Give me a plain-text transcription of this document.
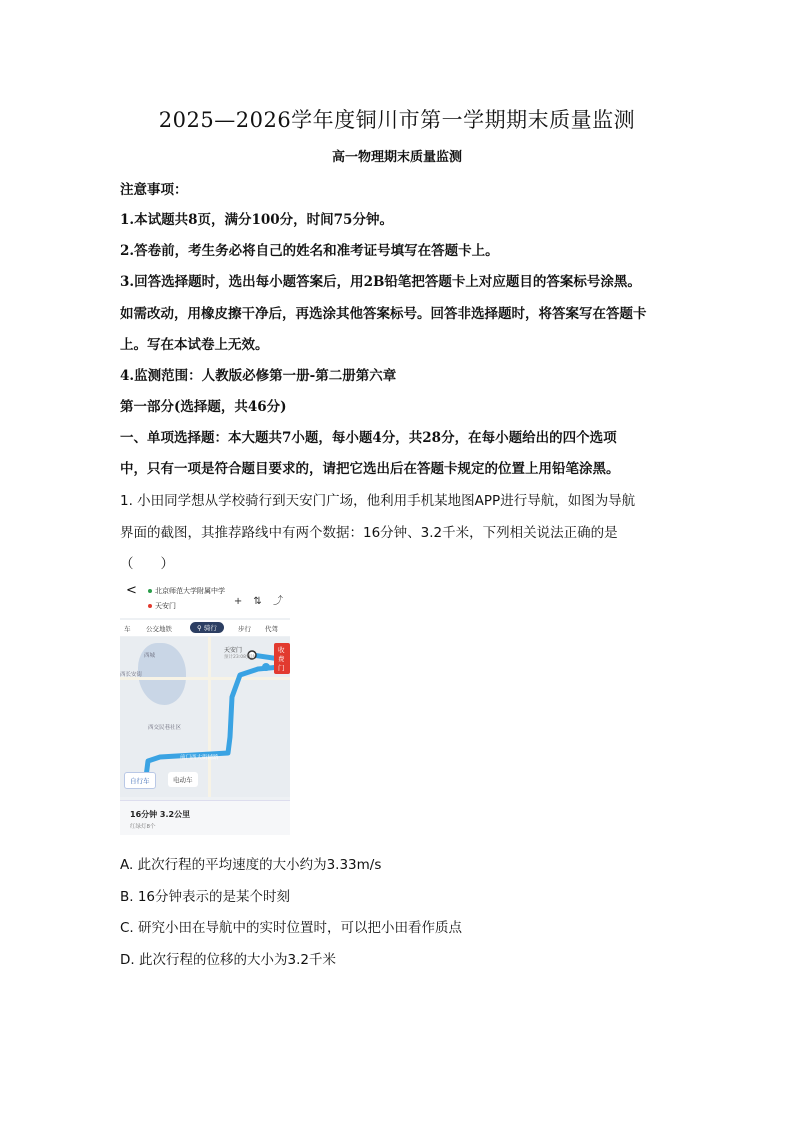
2025—2026学年度铜川市第一学期期末质量监测
高一物理期末质量监测
注意事项：
1.本试题共8页，满分100分，时间75分钟。
2.答卷前，考生务必将自己的姓名和准考证号填写在答题卡上。
3.回答选择题时，选出每小题答案后，用2B铅笔把答题卡上对应题目的答案标号涂黑。
如需改动，用橡皮擦干净后，再选涂其他答案标号。回答非选择题时，将答案写在答题卡
上。写在本试卷上无效。
4.监测范围：人教版必修第一册-第二册第六章
第一部分(选择题，共46分)
一、单项选择题：本大题共7小题，每小题4分，共28分，在每小题给出的四个选项
中，只有一项是符合题目要求的，请把它选出后在答题卡规定的位置上用铅笔涂黑。
1. 小田同学想从学校骑行到天安门广场，他利用手机某地图APP进行导航，如图为导航
界面的截图，其推荐路线中有两个数据：16分钟、3.2千米，下列相关说法正确的是
（　　）
<	北京师范大学附属中学
天安门	+ ⇅ ⤴
车 公交地铁	⚲ 骑行	步行 代驾
西城
西长安街
西交民巷社区
前门西大街辅路
天安门
预计23:08到达
收费门
自行车	电动车
16分钟 3.2公里
红绿灯8个
A. 此次行程的平均速度的大小约为3.33m/s
B. 16分钟表示的是某个时刻
C. 研究小田在导航中的实时位置时，可以把小田看作质点
D. 此次行程的位移的大小为3.2千米
